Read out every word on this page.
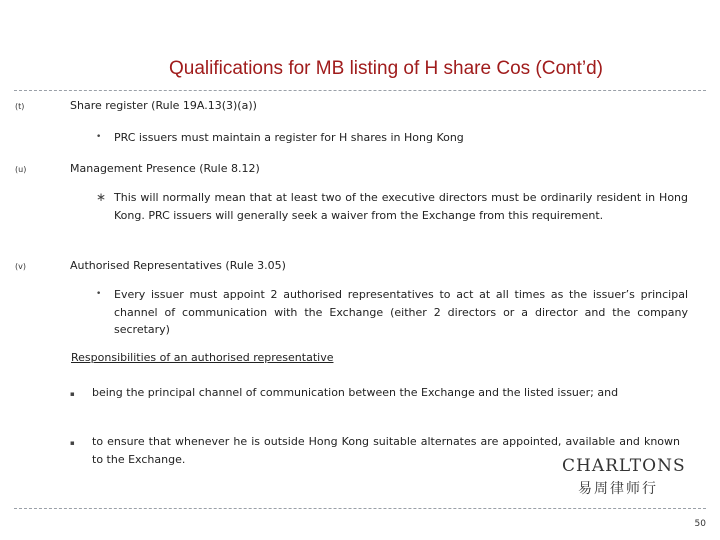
Qualifications for MB listing of H share Cos (Cont’d)
(t)	Share register (Rule 19A.13(3)(a))
•	PRC issuers must maintain a register for H shares in Hong Kong
(u)	Management Presence (Rule 8.12)
∗ This will normally mean that at least two of the executive directors must be ordinarily resident in Hong Kong. PRC issuers will generally seek a waiver from the Exchange from this requirement.
(v)	Authorised Representatives (Rule 3.05)
•	Every issuer must appoint 2 authorised representatives to act at all times as the issuer’s principal channel of communication with the Exchange (either 2 directors or a director and the company secretary)
Responsibilities of an authorised representative
▪	being the principal channel of communication between the Exchange and the listed issuer; and
▪	to ensure that whenever he is outside Hong Kong suitable alternates are appointed, available and known to the Exchange.	CHARLTONS
易周律师行
50
